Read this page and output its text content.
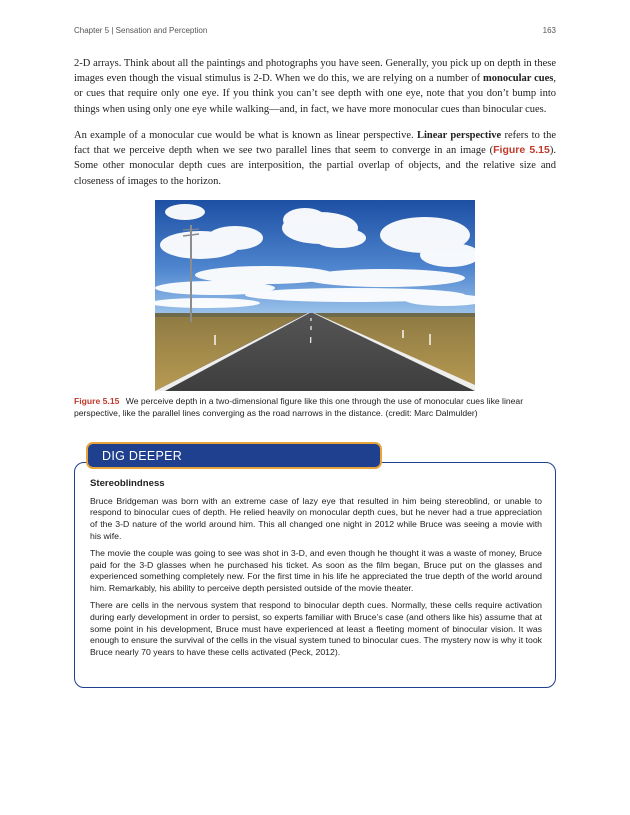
Chapter 5 | Sensation and Perception	163

2-D arrays. Think about all the paintings and photographs you have seen. Generally, you pick up on depth in these images even though the visual stimulus is 2-D. When we do this, we are relying on a number of monocular cues, or cues that require only one eye. If you think you can’t see depth with one eye, note that you don’t bump into things when using only one eye while walking—and, in fact, we have more monocular cues than binocular cues.

An example of a monocular cue would be what is known as linear perspective. Linear perspective refers to the fact that we perceive depth when we see two parallel lines that seem to converge in an image (Figure 5.15). Some other monocular depth cues are interposition, the partial overlap of objects, and the relative size and closeness of images to the horizon.

Figure 5.15 We perceive depth in a two-dimensional figure like this one through the use of monocular cues like linear perspective, like the parallel lines converging as the road narrows in the distance. (credit: Marc Dalmulder)
DIG DEEPER
Stereoblindness

Bruce Bridgeman was born with an extreme case of lazy eye that resulted in him being stereoblind, or unable to respond to binocular cues of depth. He relied heavily on monocular depth cues, but he never had a true appreciation of the 3-D nature of the world around him. This all changed one night in 2012 while Bruce was seeing a movie with his wife.

The movie the couple was going to see was shot in 3-D, and even though he thought it was a waste of money, Bruce paid for the 3-D glasses when he purchased his ticket. As soon as the film began, Bruce put on the glasses and experienced something completely new. For the first time in his life he appreciated the true depth of the world around him. Remarkably, his ability to perceive depth persisted outside of the movie theater.

There are cells in the nervous system that respond to binocular depth cues. Normally, these cells require activation during early development in order to persist, so experts familiar with Bruce’s case (and others like his) assume that at some point in his development, Bruce must have experienced at least a fleeting moment of binocular vision. It was enough to ensure the survival of the cells in the visual system tuned to binocular cues. The mystery now is why it took Bruce nearly 70 years to have these cells activated (Peck, 2012).
